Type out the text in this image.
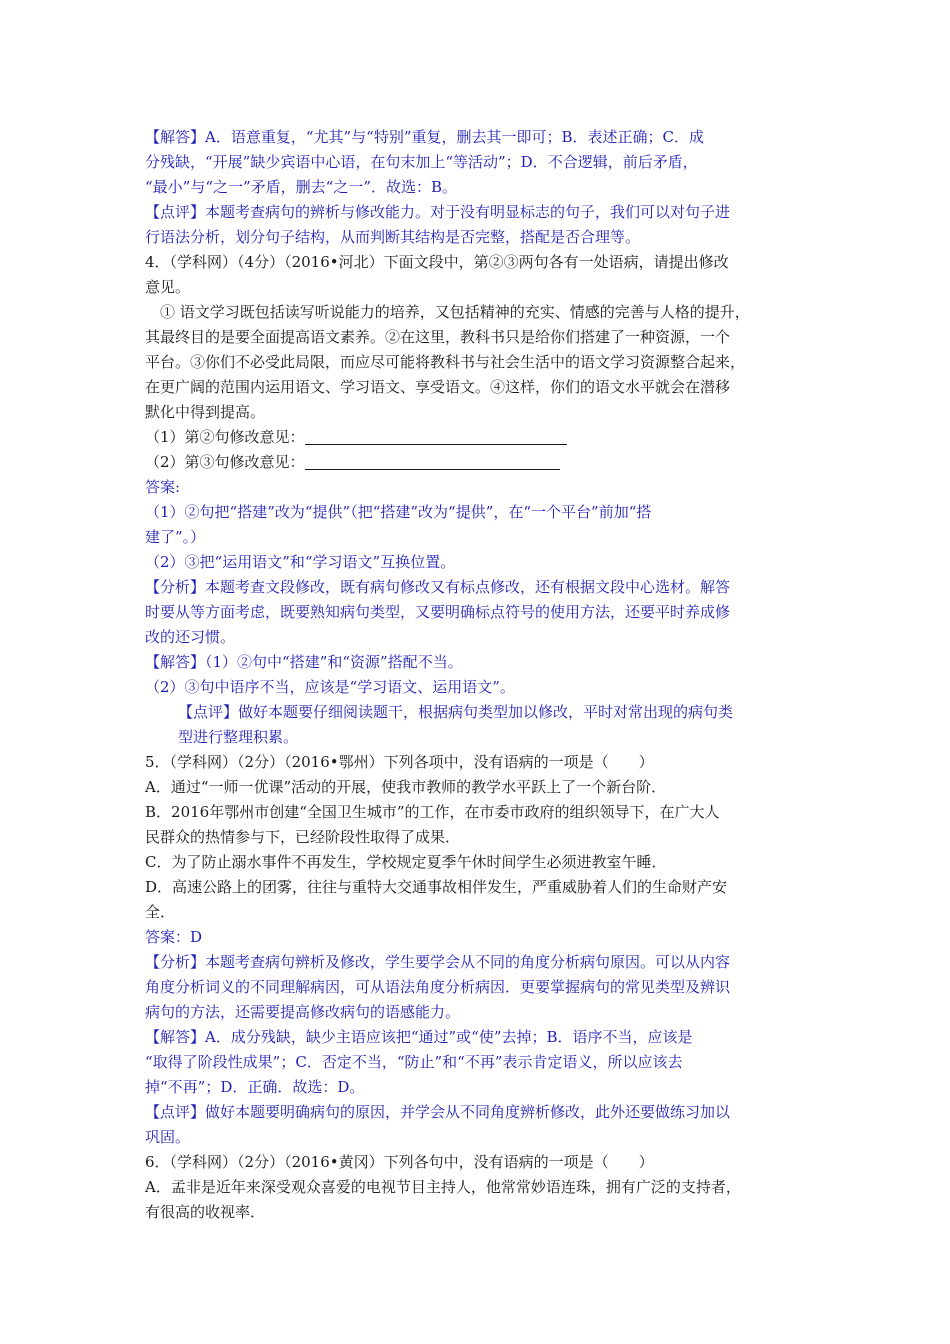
【解答】A．语意重复，“尤其”与“特别”重复，删去其一即可；B．表述正确；C．成
分残缺，“开展”缺少宾语中心语，在句末加上“等活动”；D．不合逻辑，前后矛盾，
“最小”与“之一”矛盾，删去“之一”．故选：B。
【点评】本题考查病句的辨析与修改能力。对于没有明显标志的句子，我们可以对句子进
行语法分析，划分句子结构，从而判断其结构是否完整，搭配是否合理等。
4．（学科网）（4分）（2016•河北）下面文段中，第②③两句各有一处语病，请提出修改
意见。
① 语文学习既包括读写听说能力的培养，又包括精神的充实、情感的完善与人格的提升，
其最终目的是要全面提高语文素养。②在这里，教科书只是给你们搭建了一种资源，一个
平台。③你们不必受此局限，而应尽可能将教科书与社会生活中的语文学习资源整合起来，
在更广阔的范围内运用语文、学习语文、享受语文。④这样，你们的语文水平就会在潜移
默化中得到提高。
（1）第②句修改意见：
（2）第③句修改意见：
答案:
（1）②句把“搭建”改为“提供”（把“搭建”改为“提供”，在“一个平台”前加“搭
建了”。）
（2）③把“运用语文”和“学习语文”互换位置。
【分析】本题考查文段修改，既有病句修改又有标点修改，还有根据文段中心选材。解答
时要从等方面考虑，既要熟知病句类型，又要明确标点符号的使用方法，还要平时养成修
改的还习惯。
【解答】（1）②句中“搭建”和“资源”搭配不当。
（2）③句中语序不当，应该是“学习语文、运用语文”。
【点评】做好本题要仔细阅读题干，根据病句类型加以修改，平时对常出现的病句类
型进行整理积累。
5．（学科网）（2分）（2016•鄂州）下列各项中，没有语病的一项是（　　）
A．通过“一师一优课”活动的开展，使我市教师的教学水平跃上了一个新台阶．
B．2016年鄂州市创建“全国卫生城市”的工作，在市委市政府的组织领导下，在广大人
民群众的热情参与下，已经阶段性取得了成果．
C．为了防止溺水事件不再发生，学校规定夏季午休时间学生必须进教室午睡．
D．高速公路上的团雾，往往与重特大交通事故相伴发生，严重威胁着人们的生命财产安
全．
答案：D
【分析】本题考查病句辨析及修改，学生要学会从不同的角度分析病句原因。可以从内容
角度分析词义的不同理解病因，可从语法角度分析病因．更要掌握病句的常见类型及辨识
病句的方法，还需要提高修改病句的语感能力。
【解答】A．成分残缺，缺少主语应该把“通过”或“使”去掉；B．语序不当，应该是
“取得了阶段性成果”；C．否定不当，“防止”和“不再”表示肯定语义，所以应该去
掉“不再”；D．正确．故选：D。
【点评】做好本题要明确病句的原因，并学会从不同角度辨析修改，此外还要做练习加以
巩固。
6．（学科网）（2分）（2016•黄冈）下列各句中，没有语病的一项是（　　）
A．孟非是近年来深受观众喜爱的电视节目主持人，他常常妙语连珠，拥有广泛的支持者，
有很高的收视率．
